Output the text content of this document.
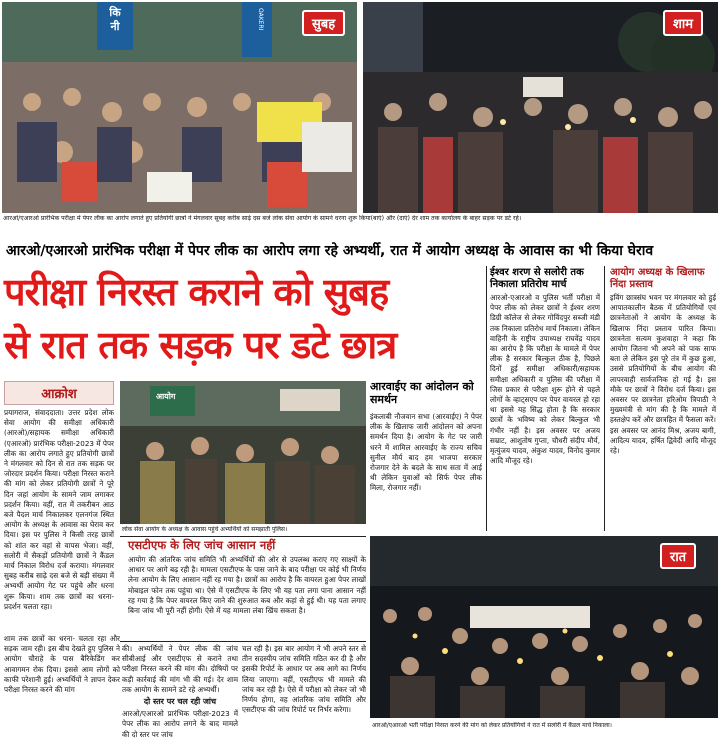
कि
नी	OAKERI	सुबह	शाम
आरओ/एआरओ प्रारंभिक परीक्षा में पेपर लीक का आरोप लगाते हुए प्रतियोगी छात्रों ने मंगलवार सुबह करीब साढ़े दस बजे लोक सेवा आयोग के सामने धरना शुरू किया(बाएं) और (दाएं) देर शाम तक कार्यालय के बाहर सड़क पर डटे रहे।
आरओ/एआरओ प्रारंभिक परीक्षा में पेपर लीक का आरोप लगा रहे अभ्यर्थी, रात में आयोग अध्यक्ष के आवास का भी किया घेराव
परीक्षा निरस्त कराने को सुबह
से रात तक सड़क पर डटे छात्र
ईश्वर शरण से सलोरी तक निकाला प्रतिरोध मार्च

आरओ-एआरओ व पुलिस भर्ती परीक्षा में पेपर लीक को लेकर छात्रों ने ईश्वर शरण डिग्री कॉलेज से लेकर गोविंदपुर सब्जी मंडी तक निकाला प्रतिरोध मार्च निकाला। लेकिन वाहिनी के राष्ट्रीय उपाध्यक्ष राघवेंद्र यादव का आरोप है कि परीक्षा के मामले में पेपर लीक है सरकार बिल्कुल ठीक है, पिछले दिनों हुई समीक्षा अधिकारी/सहायक समीक्षा अधिकारी व पुलिस की परीक्षा में जिस प्रकार से परीक्षा शुरू होने से पहले लोगों के व्हाट्सएप पर पेपर वायरल हो रहा था इससे यह सिद्ध होता है कि सरकार छात्रों के भविष्य को लेकर बिल्कुल भी गंभीर नहीं है। इस अवसर पर अजय सम्राट, आशुतोष गुप्ता, चौधरी संदीप मौर्य, मृत्युंजय यादव, अंकुश यादव, विनोद कुमार आदि मौजूद रहे।

आयोग अध्यक्ष के खिलाफ निंदा प्रस्ताव

इविंग छात्रसंघ भवन पर मंगलवार को हुई आपातकालीन बैठक में प्रतियोगियों एवं छात्रनेताओं ने आयोग के अध्यक्ष के खिलाफ निंदा प्रस्ताव पारित किया। छात्रनेता सत्यम कुशवाहा ने कहा कि आयोग जितना भी अपने को पाक साफ बता ले लेकिन इस पूरे तंत्र में कुछ हुआ, उससे प्रतियोगियों के बीच आयोग की लापरवाही सार्वजनिक हो गई है। इस मौके पर छात्रों ने विरोध दर्ज किया। इस अवसर पर छात्रनेता हरिओम त्रिपाठी ने मुख्यमंत्री से मांग की है कि मामले में हस्तक्षेप करें और छात्रहित में फैसला करें। इस अवसर पर आनंद मिश्र, अजय बागी, आदित्य यादव, हर्षित द्विवेदी आदि मौजूद रहे।

आक्रोश

प्रयागराज, संवाददाता। उत्तर प्रदेश लोक सेवा आयोग की समीक्षा अधिकारी (आरओ)/सहायक समीक्षा अधिकारी (एआरओ) प्रारंभिक परीक्षा-2023 में पेपर लीक का आरोप लगाते हुए प्रतियोगी छात्रों ने मंगलवार को दिन से रात तक सड़क पर जोरदार प्रदर्शन किया। परीक्षा निरस्त कराने की मांग को लेकर प्रतियोगी छात्रों ने पूरे दिन जहां आयोग के सामने जाम लगाकर प्रदर्शन किया। वहीं, रात में तकरीबन आठ बजे पैदल मार्च निकालकर एलनगंज स्थित आयोग के अध्यक्ष के आवास का घेराव कर दिया। इस पर पुलिस ने किसी तरह छात्रों को शांत कर वहां से वापस भेजा। वहीं, सलोरी में सैकड़ों प्रतियोगी छात्रों ने कैंडल मार्च निकाल विरोध दर्ज कराया। मंगलवार सुबह करीब साढ़े दस बजे से बड़ी संख्या में अभ्यर्थी आयोग गेट पर पहुंचे और धरना शुरू किया। शाम तक छात्रों का धरना-प्रदर्शन चलता रहा।

शाम तक छात्रों का धरना- चलता रहा और सड़क जाम रही। इस बीच देखते हुए पुलिस ने आयोग चौराहे के पास बैरिकेडिंग कर आवागमन रोक दिया। इससे आम लोगों को काफी परेशानी हुई। अभ्यर्थियों ने ज्ञापन देकर परीक्षा निरस्त करने की मांग

आयोग
लोक सेवा आयोग के अध्यक्ष के आवास पहुंचे अभ्यर्थियों को समझाती पुलिस।
आरवाईए का आंदोलन को समर्थन

इंकलाबी नौजवान सभा (आरवाईए) ने पेपर लीक के खिलाफ जारी आंदोलन को अपना समर्थन दिया है। आयोग के गेट पर जारी धरने में शामिल आरवाईए के राज्य सचिव सुनील मौर्य बाद हम भाजपा सरकार रोजगार देने के बदले के साथ सता में आई थी लेकिन युवाओं को सिर्फ पेपर लीक मिला, रोजगार नहीं।

एसटीएफ के लिए जांच आसान नहीं

आयोग की आंतरिक जांच समिति भी अभ्यर्थियों की ओर से उपलब्ध कराए गए साक्ष्यों के आधार पर आगे बढ़ रही है। मामला एसटीएफ के पास जाने के बाद परीक्षा पर कोई भी निर्णय लेना आयोग के लिए आसान नहीं रह गया है। छात्रों का आरोप है कि वायरल हुआ पेपर लाखों मोबाइल फोन तक पहुंचा था। ऐसे में एसटीएफ के लिए भी यह पता लगा पाना आसान नहीं रह गया है कि पेपर वायरल किए जाने की शुरुआत कब और कहां से हुई थी। यह पता लगाए बिना जांच भी पूरी नहीं होगी। ऐसे में यह मामला लंबा खिंच सकता है।

की। अभ्यर्थियों ने पेपर लीक की जांच सीबीआई और एसटीएफ से कराने तथा परीक्षा निरस्त करने की मांग की। दोषियों पर कड़ी कार्रवाई की मांग भी की गई। देर शाम तक आयोग के सामने डटे रहे अभ्यर्थी।

दो स्तर पर चल रही जांच

आरओ/एआरओ प्रारंभिक परीक्षा-2023 में पेपर लीक का आरोप लगने के बाद मामले की दो स्तर पर जांच

चल रही है। इस बार आयोग ने भी अपने स्तर से तीन सदस्यीय जांच समिति गठित कर दी है और इसकी रिपोर्ट के आधार पर अब आगे का निर्णय लिया जाएगा। वहीं, एसटीएफ भी मामले की जांच कर रही है। ऐसे में परीक्षा को लेकर जो भी निर्णय होगा, वह आंतरिक जांच समिति और एसटीएफ की जांच रिपोर्ट पर निर्भर करेगा।

रात
आरओ/एआरओ भर्ती परीक्षा निरस्त करने की मांग को लेकर प्रतियोगियों ने रात में सलोरी में कैंडल मार्च निकाला।
